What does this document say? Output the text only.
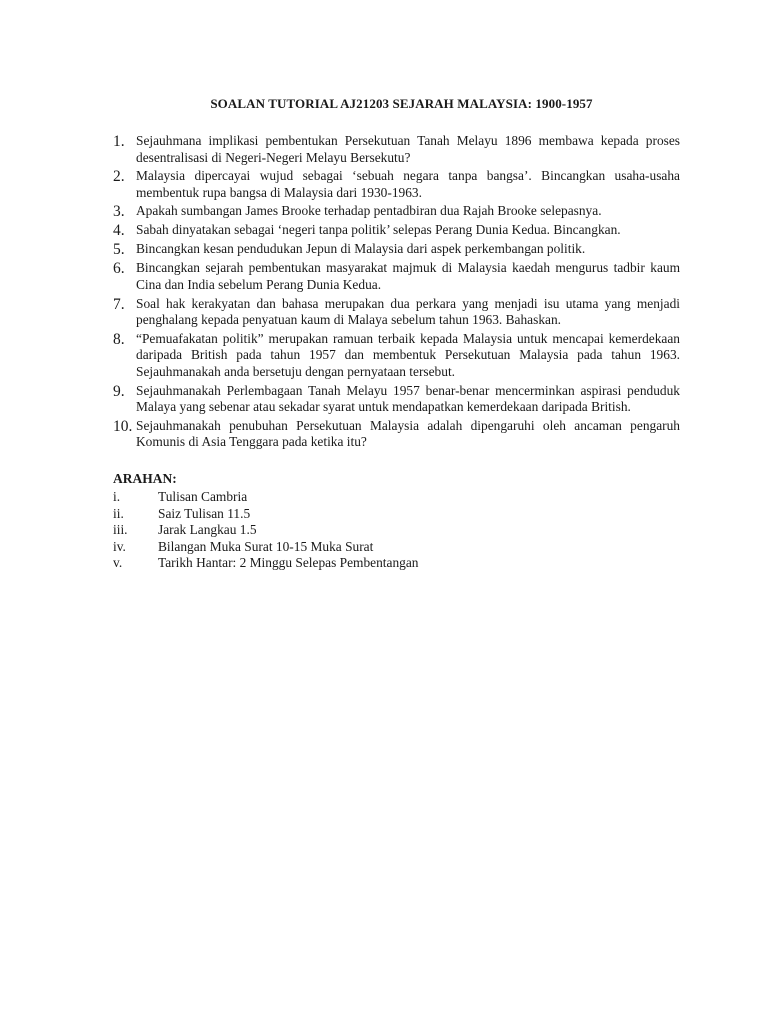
SOALAN TUTORIAL AJ21203 SEJARAH MALAYSIA: 1900-1957
1. Sejauhmana implikasi pembentukan Persekutuan Tanah Melayu 1896 membawa kepada proses desentralisasi di Negeri-Negeri Melayu Bersekutu?
2. Malaysia dipercayai wujud sebagai ‘sebuah negara tanpa bangsa’. Bincangkan usaha-usaha membentuk rupa bangsa di Malaysia dari 1930-1963.
3. Apakah sumbangan James Brooke terhadap pentadbiran dua Rajah Brooke selepasnya.
4. Sabah dinyatakan sebagai ‘negeri tanpa politik’ selepas Perang Dunia Kedua. Bincangkan.
5. Bincangkan kesan pendudukan Jepun di Malaysia dari aspek perkembangan politik.
6. Bincangkan sejarah pembentukan masyarakat majmuk di Malaysia kaedah mengurus tadbir kaum Cina dan India sebelum Perang Dunia Kedua.
7. Soal hak kerakyatan dan bahasa merupakan dua perkara yang menjadi isu utama yang menjadi penghalang kepada penyatuan kaum di Malaya sebelum tahun 1963. Bahaskan.
8. “Pemuafakatan politik” merupakan ramuan terbaik kepada Malaysia untuk mencapai kemerdekaan daripada British pada tahun 1957 dan membentuk Persekutuan Malaysia pada tahun 1963. Sejauhmanakah anda bersetuju dengan pernyataan tersebut.
9. Sejauhmanakah Perlembagaan Tanah Melayu 1957 benar-benar mencerminkan aspirasi penduduk Malaya yang sebenar atau sekadar syarat untuk mendapatkan kemerdekaan daripada British.
10. Sejauhmanakah penubuhan Persekutuan Malaysia adalah dipengaruhi oleh ancaman pengaruh Komunis di Asia Tenggara pada ketika itu?
ARAHAN:
i.	Tulisan Cambria
ii.	Saiz Tulisan 11.5
iii.	Jarak Langkau 1.5
iv.	Bilangan Muka Surat 10-15 Muka Surat
v.	Tarikh Hantar: 2 Minggu Selepas Pembentangan
